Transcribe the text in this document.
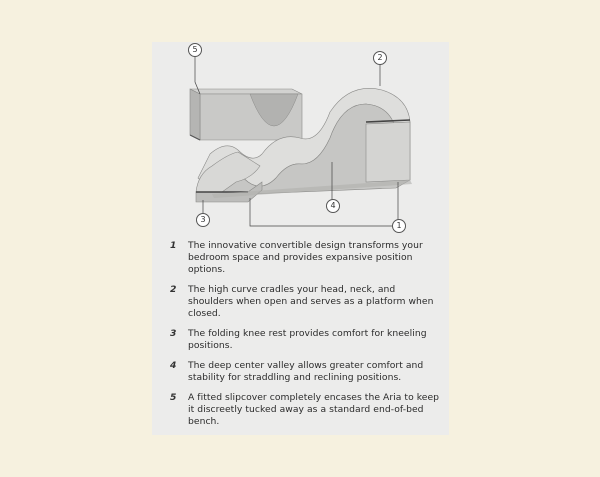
5
2
3
4
1
1 The innovative convertible design transforms your bedroom space and provides expansive position options.
2 The high curve cradles your head, neck, and shoulders when open and serves as a platform when closed.
3 The folding knee rest provides comfort for kneeling positions.
4 The deep center valley allows greater comfort and stability for straddling and reclining positions.
5 A fitted slipcover completely encases the Aria to keep it discreetly tucked away as a standard end-of-bed bench.
